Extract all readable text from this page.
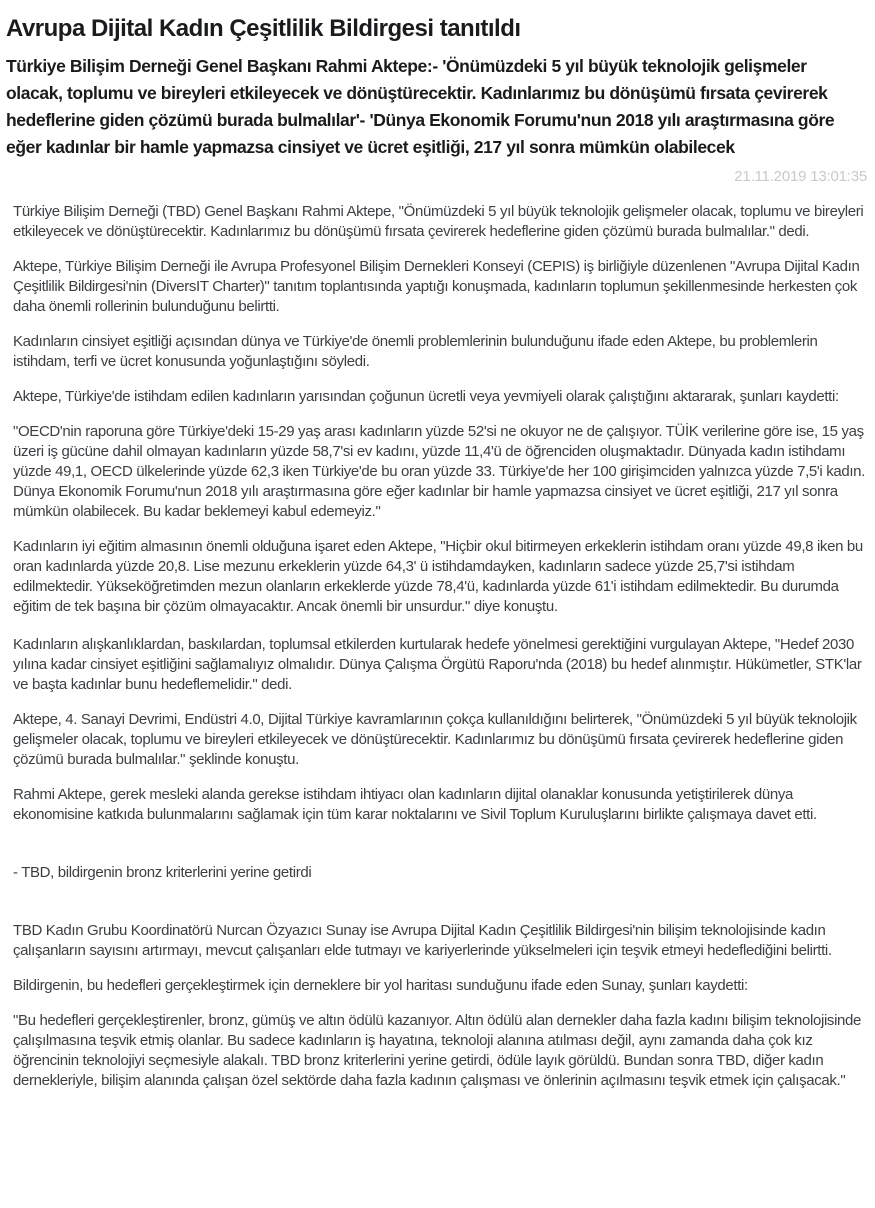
Avrupa Dijital Kadın Çeşitlilik Bildirgesi tanıtıldı
Türkiye Bilişim Derneği Genel Başkanı Rahmi Aktepe:- 'Önümüzdeki 5 yıl büyük teknolojik gelişmeler olacak, toplumu ve bireyleri etkileyecek ve dönüştürecektir. Kadınlarımız bu dönüşümü fırsata çevirerek hedeflerine giden çözümü burada bulmalılar'- 'Dünya Ekonomik Forumu'nun 2018 yılı araştırmasına göre eğer kadınlar bir hamle yapmazsa cinsiyet ve ücret eşitliği, 217 yıl sonra mümkün olabilecek
21.11.2019 13:01:35

Türkiye Bilişim Derneği (TBD) Genel Başkanı Rahmi Aktepe, "Önümüzdeki 5 yıl büyük teknolojik gelişmeler olacak, toplumu ve bireyleri etkileyecek ve dönüştürecektir. Kadınlarımız bu dönüşümü fırsata çevirerek hedeflerine giden çözümü burada bulmalılar." dedi.

Aktepe, Türkiye Bilişim Derneği ile Avrupa Profesyonel Bilişim Dernekleri Konseyi (CEPIS) iş birliğiyle düzenlenen "Avrupa Dijital Kadın Çeşitlilik Bildirgesi'nin (DiversIT Charter)" tanıtım toplantısında yaptığı konuşmada, kadınların toplumun şekillenmesinde herkesten çok daha önemli rollerinin bulunduğunu belirtti.

Kadınların cinsiyet eşitliği açısından dünya ve Türkiye'de önemli problemlerinin bulunduğunu ifade eden Aktepe, bu problemlerin istihdam, terfi ve ücret konusunda yoğunlaştığını söyledi.

Aktepe, Türkiye'de istihdam edilen kadınların yarısından çoğunun ücretli veya yevmiyeli olarak çalıştığını aktararak, şunları kaydetti:

"OECD'nin raporuna göre Türkiye'deki 15-29 yaş arası kadınların yüzde 52'si ne okuyor ne de çalışıyor. TÜİK verilerine göre ise, 15 yaş üzeri iş gücüne dahil olmayan kadınların yüzde 58,7'si ev kadını, yüzde 11,4'ü de öğrenciden oluşmaktadır. Dünyada kadın istihdamı yüzde 49,1, OECD ülkelerinde yüzde 62,3 iken Türkiye'de bu oran yüzde 33. Türkiye'de her 100 girişimciden yalnızca yüzde 7,5'i kadın. Dünya Ekonomik Forumu'nun 2018 yılı araştırmasına göre eğer kadınlar bir hamle yapmazsa cinsiyet ve ücret eşitliği, 217 yıl sonra mümkün olabilecek. Bu kadar beklemeyi kabul edemeyiz."

Kadınların iyi eğitim almasının önemli olduğuna işaret eden Aktepe, "Hiçbir okul bitirmeyen erkeklerin istihdam oranı yüzde 49,8 iken bu oran kadınlarda yüzde 20,8. Lise mezunu erkeklerin yüzde 64,3' ü istihdamdayken, kadınların sadece yüzde 25,7'si istihdam edilmektedir. Yükseköğretimden mezun olanların erkeklerde yüzde 78,4'ü, kadınlarda yüzde 61'i istihdam edilmektedir. Bu durumda eğitim de tek başına bir çözüm olmayacaktır. Ancak önemli bir unsurdur." diye konuştu.

Kadınların alışkanlıklardan, baskılardan, toplumsal etkilerden kurtularak hedefe yönelmesi gerektiğini vurgulayan Aktepe, "Hedef 2030 yılına kadar cinsiyet eşitliğini sağlamalıyız olmalıdır. Dünya Çalışma Örgütü Raporu'nda (2018) bu hedef alınmıştır. Hükümetler, STK'lar ve başta kadınlar bunu hedeflemelidir." dedi.

Aktepe, 4. Sanayi Devrimi, Endüstri 4.0, Dijital Türkiye kavramlarının çokça kullanıldığını belirterek, "Önümüzdeki 5 yıl büyük teknolojik gelişmeler olacak, toplumu ve bireyleri etkileyecek ve dönüştürecektir. Kadınlarımız bu dönüşümü fırsata çevirerek hedeflerine giden çözümü burada bulmalılar." şeklinde konuştu.

Rahmi Aktepe, gerek mesleki alanda gerekse istihdam ihtiyacı olan kadınların dijital olanaklar konusunda yetiştirilerek dünya ekonomisine katkıda bulunmalarını sağlamak için tüm karar noktalarını ve Sivil Toplum Kuruluşlarını birlikte çalışmaya davet etti.

- TBD, bildirgenin bronz kriterlerini yerine getirdi

TBD Kadın Grubu Koordinatörü Nurcan Özyazıcı Sunay ise Avrupa Dijital Kadın Çeşitlilik Bildirgesi'nin bilişim teknolojisinde kadın çalışanların sayısını artırmayı, mevcut çalışanları elde tutmayı ve kariyerlerinde yükselmeleri için teşvik etmeyi hedeflediğini belirtti.

Bildirgenin, bu hedefleri gerçekleştirmek için derneklere bir yol haritası sunduğunu ifade eden Sunay, şunları kaydetti:

"Bu hedefleri gerçekleştirenler, bronz, gümüş ve altın ödülü kazanıyor. Altın ödülü alan dernekler daha fazla kadını bilişim teknolojisinde çalışılmasına teşvik etmiş olanlar. Bu sadece kadınların iş hayatına, teknoloji alanına atılması değil, aynı zamanda daha çok kız öğrencinin teknolojiyi seçmesiyle alakalı. TBD bronz kriterlerini yerine getirdi, ödüle layık görüldü. Bundan sonra TBD, diğer kadın dernekleriyle, bilişim alanında çalışan özel sektörde daha fazla kadının çalışması ve önlerinin açılmasını teşvik etmek için çalışacak."
